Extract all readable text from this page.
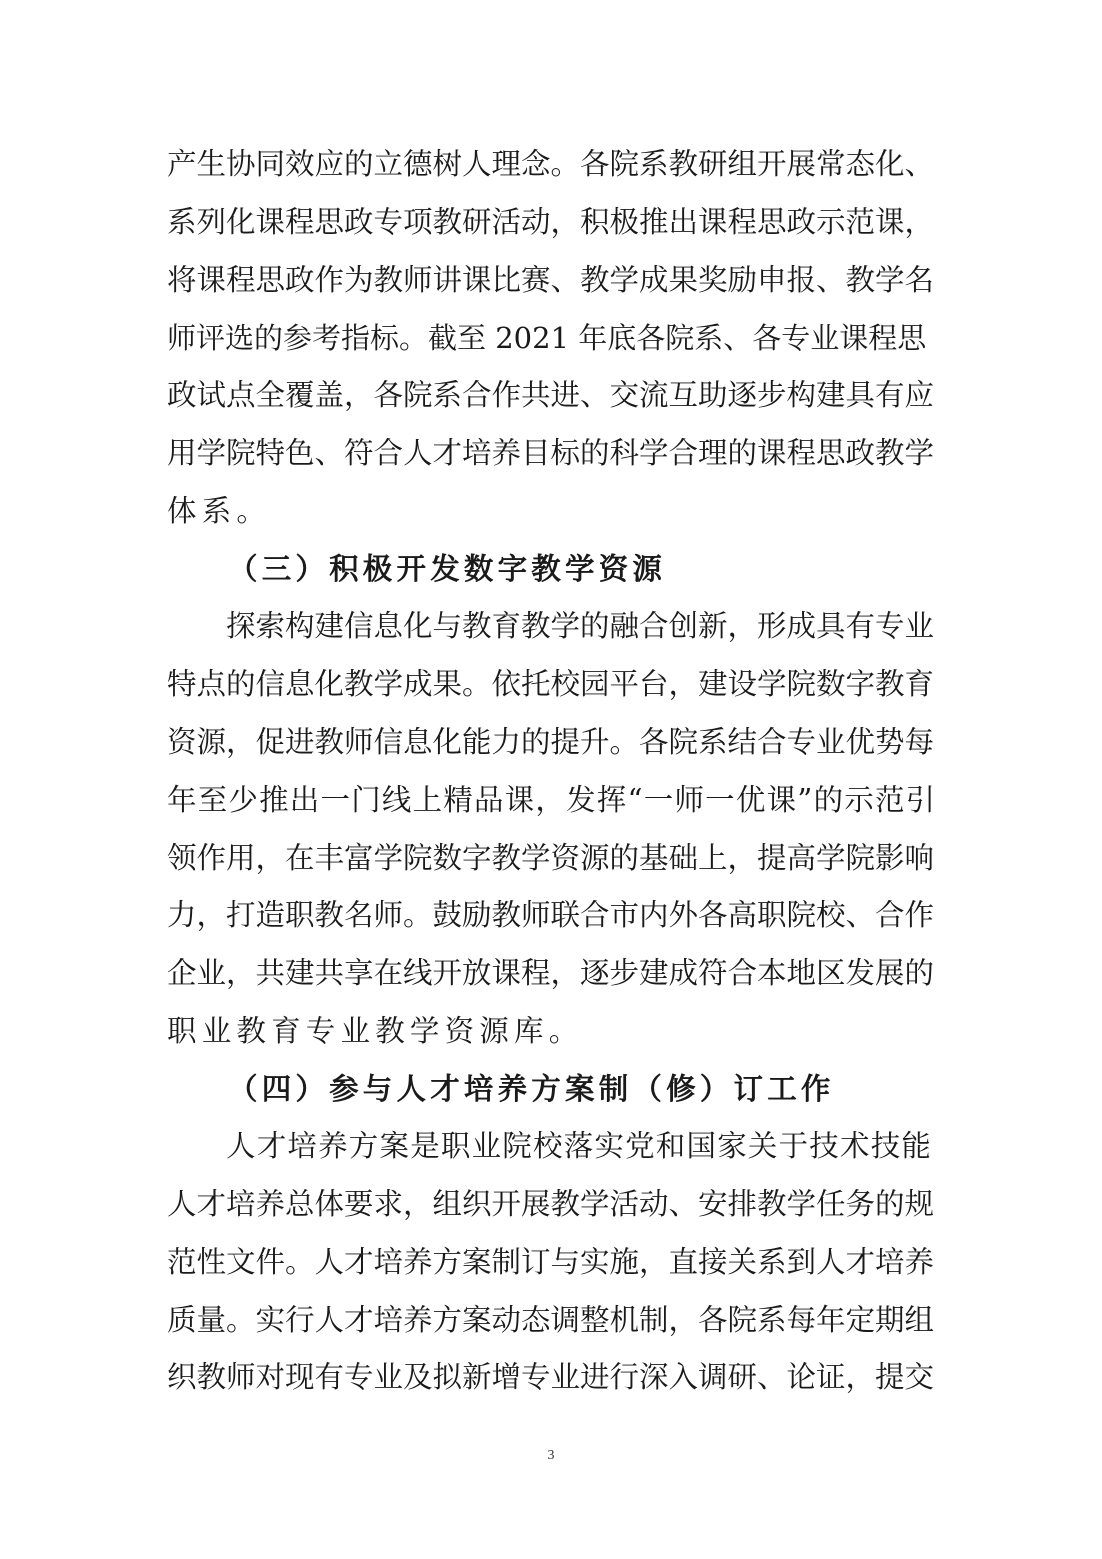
产生协同效应的立德树人理念。各院系教研组开展常态化、
系列化课程思政专项教研活动，积极推出课程思政示范课，
将课程思政作为教师讲课比赛、教学成果奖励申报、教学名
师评选的参考指标。截至 2021 年底各院系、各专业课程思
政试点全覆盖，各院系合作共进、交流互助逐步构建具有应
用学院特色、符合人才培养目标的科学合理的课程思政教学
体系。
（三）积极开发数字教学资源
探索构建信息化与教育教学的融合创新，形成具有专业
特点的信息化教学成果。依托校园平台，建设学院数字教育
资源，促进教师信息化能力的提升。各院系结合专业优势每
年至少推出一门线上精品课，发挥“一师一优课”的示范引
领作用，在丰富学院数字教学资源的基础上，提高学院影响
力，打造职教名师。鼓励教师联合市内外各高职院校、合作
企业，共建共享在线开放课程，逐步建成符合本地区发展的
职业教育专业教学资源库。
（四）参与人才培养方案制（修）订工作
人才培养方案是职业院校落实党和国家关于技术技能
人才培养总体要求，组织开展教学活动、安排教学任务的规
范性文件。人才培养方案制订与实施，直接关系到人才培养
质量。实行人才培养方案动态调整机制，各院系每年定期组
织教师对现有专业及拟新增专业进行深入调研、论证，提交
3
